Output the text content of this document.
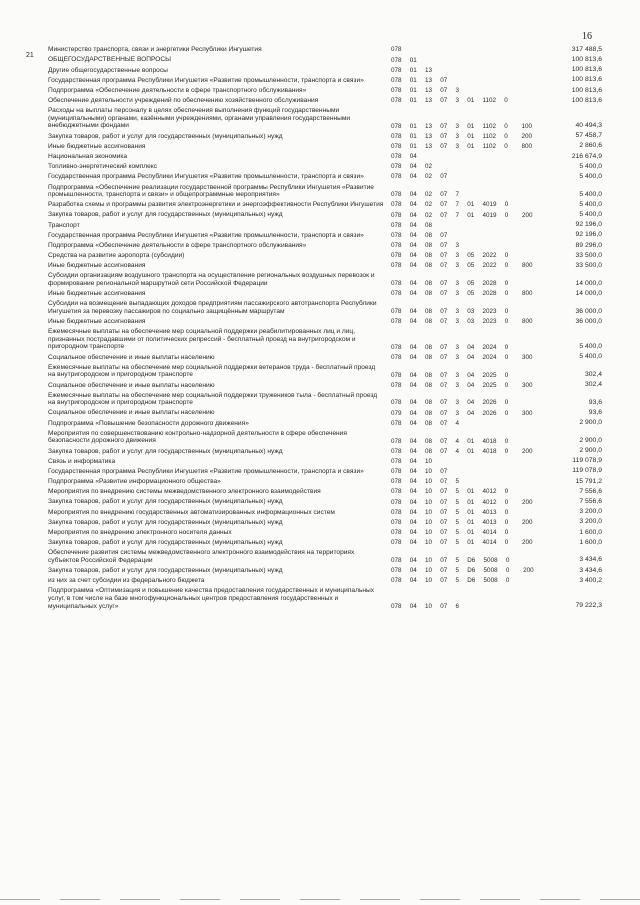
16
21
Министерство транспорта, связи и энергетики Республики Ингушетия	078	317 488,5
ОБЩЕГОСУДАРСТВЕННЫЕ ВОПРОСЫ	078   01	100 813,6
Другие общегосударственные вопросы	078   01   13	100 813,6
Государственная программа Республики Ингушетия «Развитие промышленности, транспорта и связи»	078   01   13   07	100 813,6
Подпрограмма «Обеспечение деятельности в сфере транспортного обслуживания»	078   01   13   07   3	100 813,6
Обеспечение деятельности учреждений по обеспечению хозяйственного обслуживания	078   01   13   07   3   01   1102   0	100 813,6
Расходы на выплаты персоналу в целях обеспечения выполнения функций государственными (муниципальными) органами, казёнными учреждениями, органами управления государственными внебюджетными фондами	078   01   13   07   3   01   1102   0     100	40 494,3
Закупка товаров, работ и услуг для государственных (муниципальных) нужд	078   01   13   07   3   01   1102   0     200	57 458,7
Иные бюджетные ассигнования	078   01   13   07   3   01   1102   0     800	2 860,6
Национальная экономика	078   04	216 674,9
Топливно-энергетический комплекс	078   04   02	5 400,0
Государственная программа Республики Ингушетия «Развитие промышленности, транспорта и связи»	078   04   02   07	5 400,0
Подпрограмма «Обеспечение реализации государственной программы Республики Ингушетия «Развитие промышленности, транспорта и связи» и общепрограммные мероприятия»	078   04   02   07   7	5 400,0
Разработка схемы и программы развития электроэнергетики и энергоэффективности Республики Ингушетия 078   04   02   07   7   01   4019   0	5 400,0
Закупка товаров, работ и услуг для государственных (муниципальных) нужд	078   04   02   07   7   01   4019   0     200	5 400,0
Транспорт	078   04   08	92 196,0
Государственная программа Республики Ингушетия «Развитие промышленности, транспорта и связи»	078   04   08   07	92 196,0
Подпрограмма «Обеспечение деятельности в сфере транспортного обслуживания»	078   04   08   07   3	89 296,0
Средства на развитие аэропорта (субсидии)	078   04   08   07   3   05   2022   0	33 500,0
Иные бюджетные ассигнования	078   04   08   07   3   05   2022   0     800	33 500,0
Субсидии организациям воздушного транспорта на осуществление региональных воздушных перевозок и формирование региональной маршрутной сети Российской Федерации	078   04   08   07   3   05   2028   0	14 000,0
Иные бюджетные ассигнования	078   04   08   07   3   05   2028   0     800	14 000,0
Субсидии на возмещение выпадающих доходов предприятиям пассажирского автотранспорта Республики Ингушетия за перевозку пассажиров по социально защищённым маршрутам	078   04   08   07   3   03   2023   0	36 000,0
Иные бюджетные ассигнования	078   04   08   07   3   03   2023   0     800	36 000,0
Ежемесячные выплаты на обеспечение мер социальной поддержки реабилитированных лиц и лиц, признанных пострадавшими от политических репрессий - бесплатный проезд на внутригородском и пригородном транспорте	078   04   08   07   3   04   2024   0	5 400,0
Социальное обеспечение и иные выплаты населению	078   04   08   07   3   04   2024   0     300	5 400,0
Ежемесячные выплаты на обеспечение мер социальной поддержки ветеранов труда - бесплатный проезд на внутригородском и пригородном транспорте	078   04   08   07   3   04   2025   0	302,4
Социальное обеспечение и иные выплаты населению	078   04   08   07   3   04   2025   0     300	302,4
Ежемесячные выплаты на обеспечение мер социальной поддержки тружеников тыла - бесплатный проезд на внутригородском и пригородном транспорте	078   04   08   07   3   04   2026   0	93,6
Социальное обеспечение и иные выплаты населению	079   04   08   07   3   04   2026   0     300	93,6
Подпрограмма «Повышение безопасности дорожного движения»	078   04   08   07   4	2 900,0
Мероприятия по совершенствованию контрольно-надзорной деятельности в сфере обеспечения безопасности дорожного движения	078   04   08   07   4   01   4018   0	2 900,0
Закупка товаров, работ и услуг для государственных (муниципальных) нужд	078   04   08   07   4   01   4018   0     200	2 900,0
Связь и информатика	078   04   10	119 078,9
Государственная программа Республики Ингушетия «Развитие промышленности, транспорта и связи»	078   04   10   07	119 078,9
Подпрограмма «Развитие информационного общества»	078   04   10   07   5	15 791,2
Мероприятия по внедрению системы межведомственного электронного взаимодействия	078   04   10   07   5   01   4012   0	7 556,6
Закупка товаров, работ и услуг для государственных (муниципальных) нужд	078   04   10   07   5   01   4012   0     200	7 556,6
Мероприятия по внедрению государственных автоматизированных информационных систем	078   04   10   07   5   01   4013   0	3 200,0
Закупка товаров, работ и услуг для государственных (муниципальных) нужд	078   04   10   07   5   01   4013   0     200	3 200,0
Мероприятия по внедрению электронного носителя данных	078   04   10   07   5   01   4014   0	1 600,0
Закупка товаров, работ и услуг для государственных (муниципальных) нужд	078   04   10   07   5   01   4014   0     200	1 600,0
Обеспечение развития системы межведомственного электронного взаимодействия на территориях субъектов Российской Федерации	078   04   10   07   5   D6   5008   0	3 434,6
Закупка товаров, работ и услуг для государственных (муниципальных) нужд	078   04   10   07   5   D6   5008   0     200	3 434,6
из них за счет субсидии из федерального бюджета	078   04   10   07   5   D6   5008   0	3 400,2
Подпрограмма «Оптимизация и повышение качества предоставления государственных и муниципальных услуг, в том числе на базе многофункциональных центров предоставления государственных и муниципальных услуг»	078   04   10   07   6	79 222,3
